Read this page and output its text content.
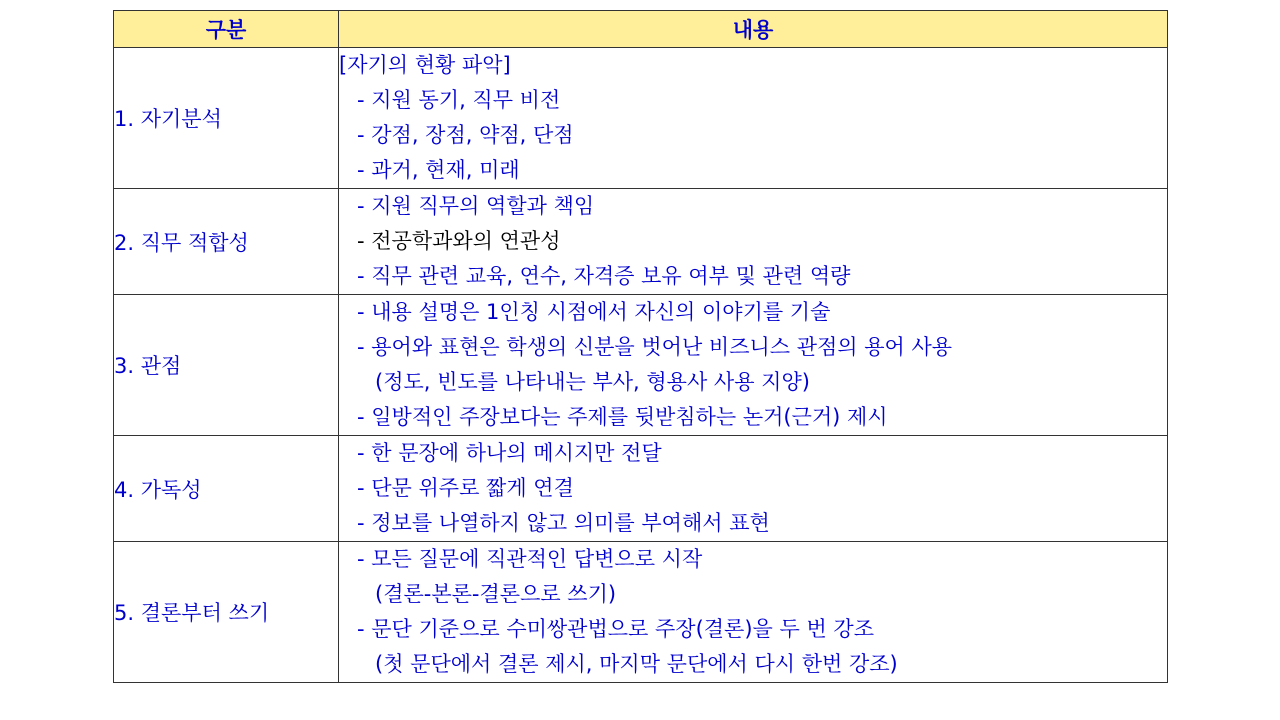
구분	내용
1. 자기분석	[자기의 현황 파악]
- 지원 동기, 직무 비전
- 강점, 장점, 약점, 단점
- 과거, 현재, 미래

2. 직무 적합성	- 지원 직무의 역할과 책임
- 전공학과와의 연관성
- 직무 관련 교육, 연수, 자격증 보유 여부 및 관련 역량

3. 관점	- 내용 설명은 1인칭 시점에서 자신의 이야기를 기술
- 용어와 표현은 학생의 신분을 벗어난 비즈니스 관점의 용어 사용
(정도, 빈도를 나타내는 부사, 형용사 사용 지양)
- 일방적인 주장보다는 주제를 뒷받침하는 논거(근거) 제시

4. 가독성	- 한 문장에 하나의 메시지만 전달
- 단문 위주로 짧게 연결
- 정보를 나열하지 않고 의미를 부여해서 표현

5. 결론부터 쓰기	- 모든 질문에 직관적인 답변으로 시작
(결론-본론-결론으로 쓰기)
- 문단 기준으로 수미쌍관법으로 주장(결론)을 두 번 강조
(첫 문단에서 결론 제시, 마지막 문단에서 다시 한번 강조)
